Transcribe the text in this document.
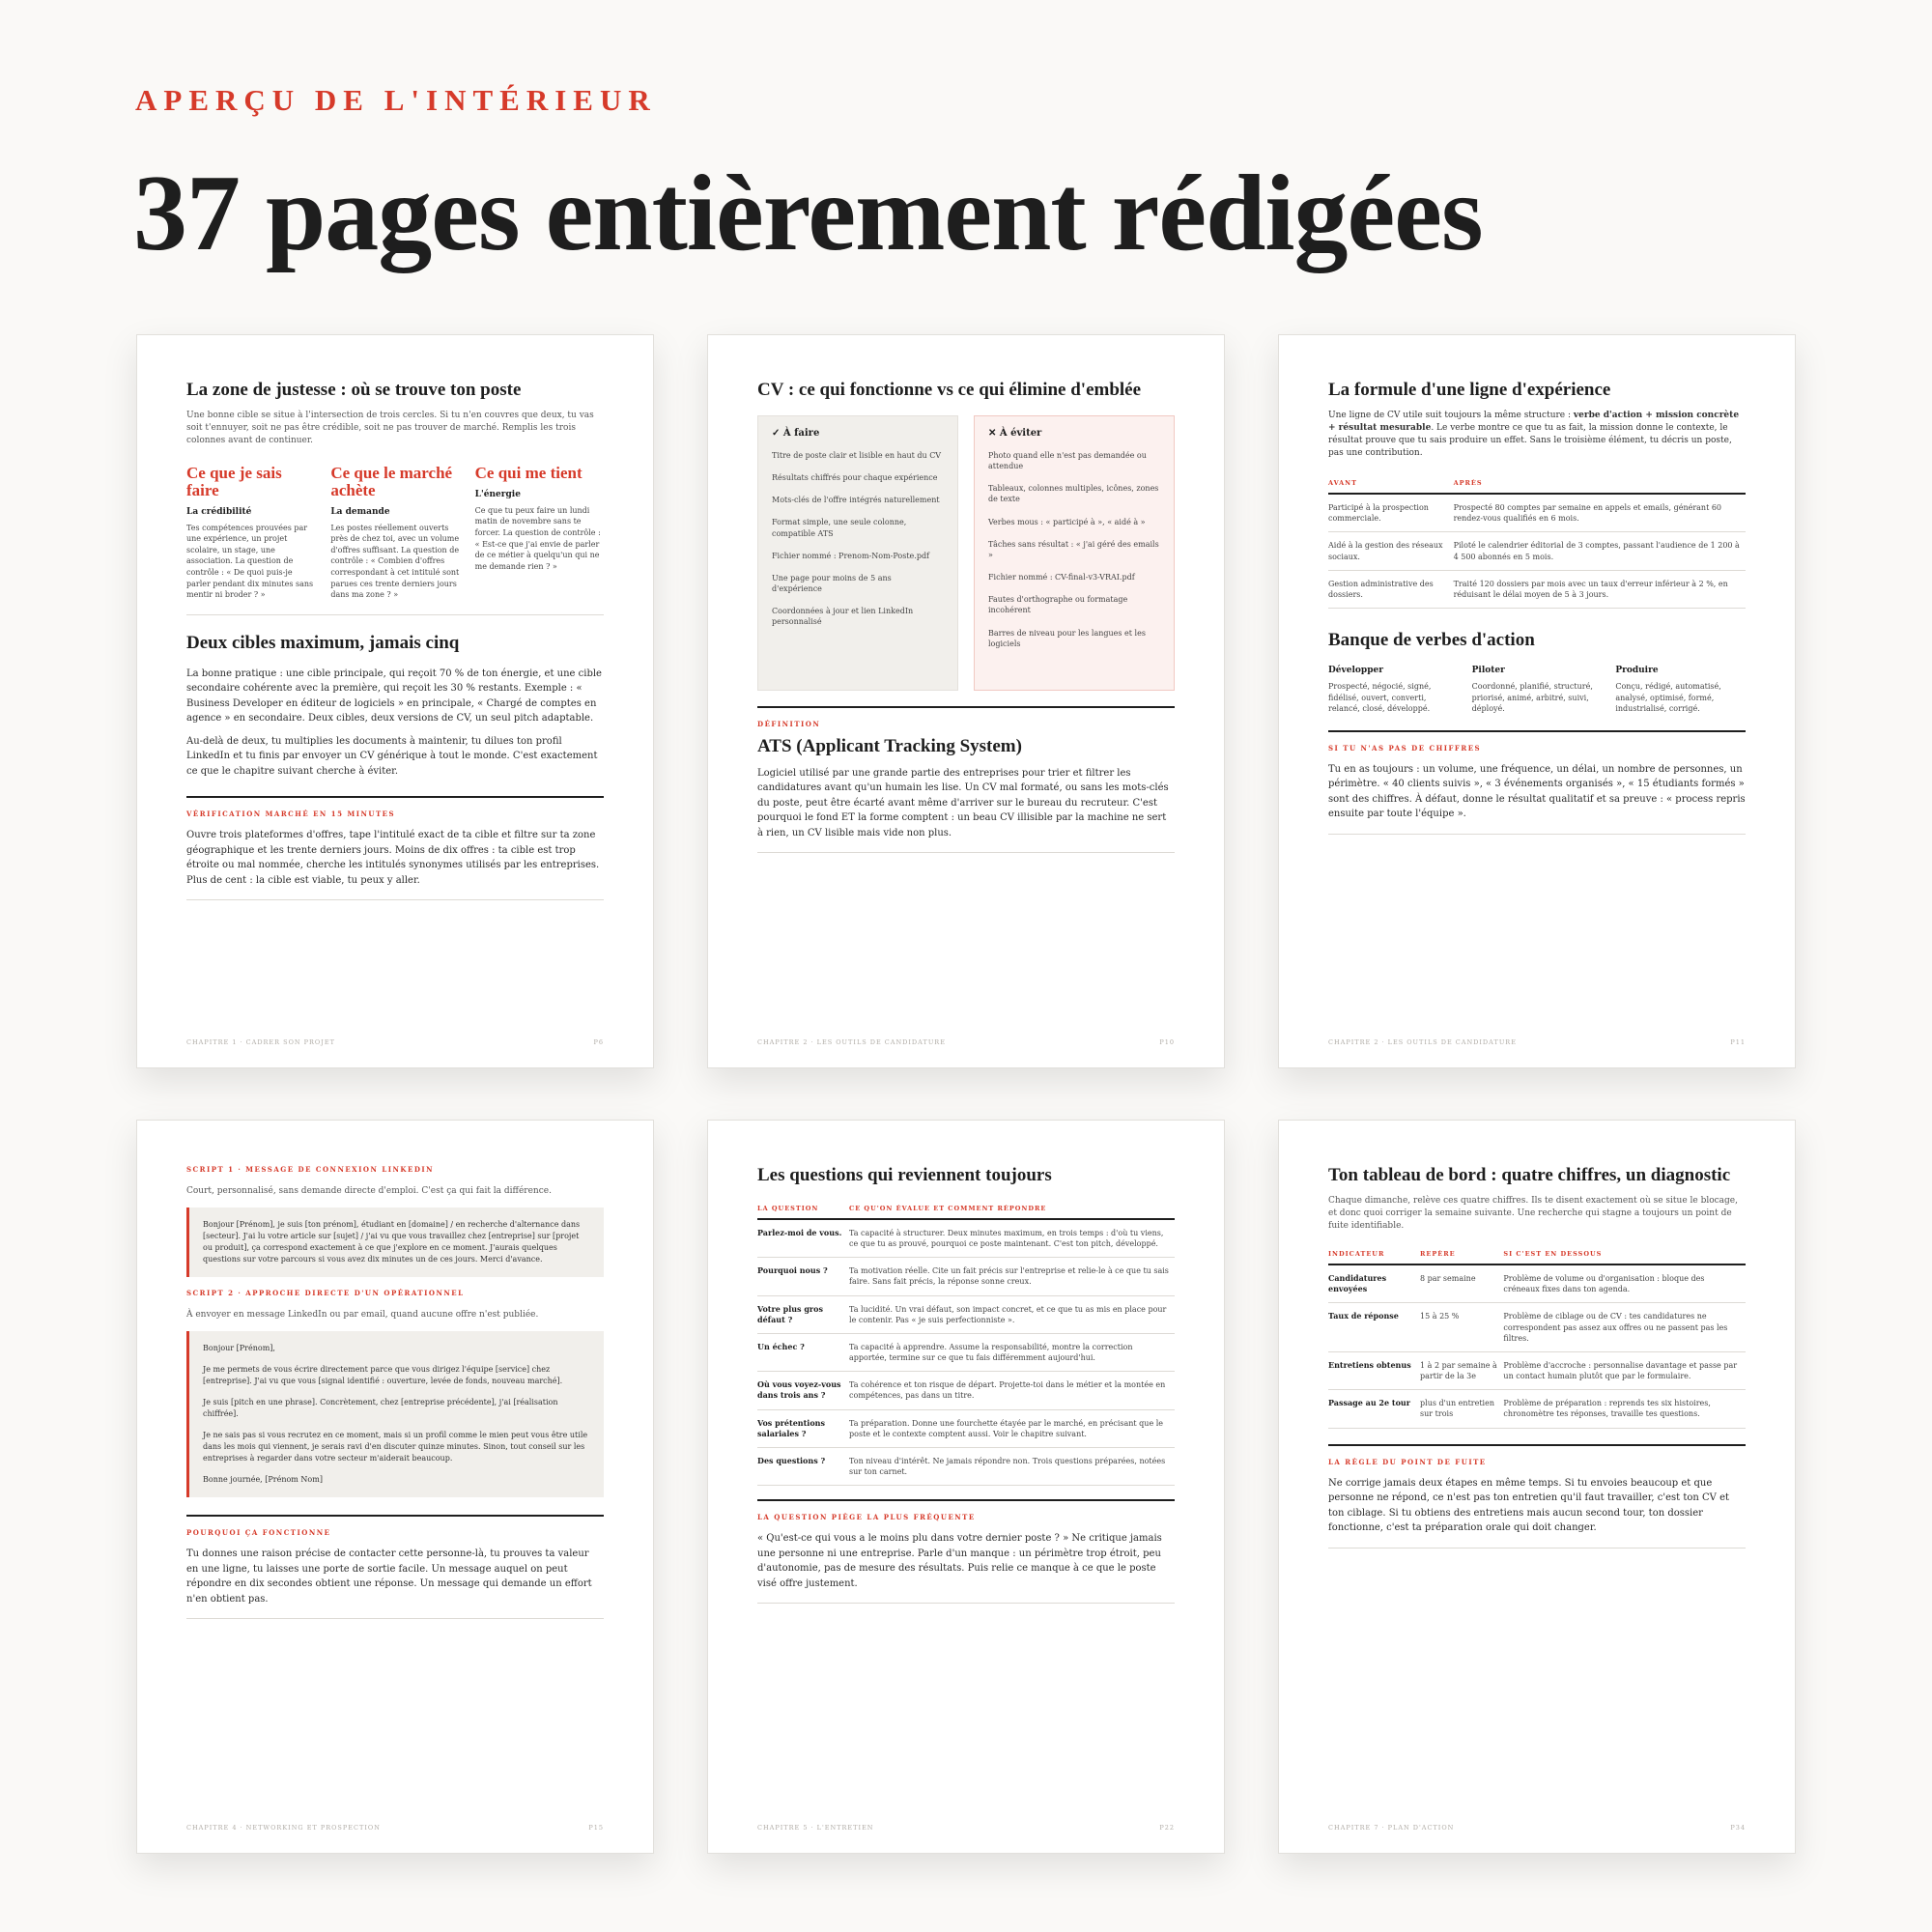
APERÇU DE L'INTÉRIEUR
37 pages entièrement rédigées
La zone de justesse : où se trouve ton poste
Une bonne cible se situe à l'intersection de trois cercles. Si tu n'en couvres que deux, tu vas soit t'ennuyer, soit ne pas être crédible, soit ne pas trouver de marché. Remplis les trois colonnes avant de continuer.
Ce que je sais faire
La crédibilité
Tes compétences prouvées par une expérience, un projet scolaire, un stage, une association. La question de contrôle : « De quoi puis-je parler pendant dix minutes sans mentir ni broder ? »
Ce que le marché achète
La demande
Les postes réellement ouverts près de chez toi, avec un volume d'offres suffisant. La question de contrôle : « Combien d'offres correspondant à cet intitulé sont parues ces trente derniers jours dans ma zone ? »
Ce qui me tient
L'énergie
Ce que tu peux faire un lundi matin de novembre sans te forcer. La question de contrôle : « Est-ce que j'ai envie de parler de ce métier à quelqu'un qui ne me demande rien ? »
Deux cibles maximum, jamais cinq
La bonne pratique : une cible principale, qui reçoit 70 % de ton énergie, et une cible secondaire cohérente avec la première, qui reçoit les 30 % restants. Exemple : « Business Developer en éditeur de logiciels » en principale, « Chargé de comptes en agence » en secondaire. Deux cibles, deux versions de CV, un seul pitch adaptable.
Au-delà de deux, tu multiplies les documents à maintenir, tu dilues ton profil LinkedIn et tu finis par envoyer un CV générique à tout le monde. C'est exactement ce que le chapitre suivant cherche à éviter.
VÉRIFICATION MARCHÉ EN 15 MINUTES
Ouvre trois plateformes d'offres, tape l'intitulé exact de ta cible et filtre sur ta zone géographique et les trente derniers jours. Moins de dix offres : ta cible est trop étroite ou mal nommée, cherche les intitulés synonymes utilisés par les entreprises. Plus de cent : la cible est viable, tu peux y aller.
CHAPITRE 1 · CADRER SON PROJET	P6
CV : ce qui fonctionne vs ce qui élimine d'emblée
✓ À faire
Titre de poste clair et lisible en haut du CV
Résultats chiffrés pour chaque expérience
Mots-clés de l'offre intégrés naturellement
Format simple, une seule colonne, compatible ATS
Fichier nommé : Prenom-Nom-Poste.pdf
Une page pour moins de 5 ans d'expérience
Coordonnées à jour et lien LinkedIn personnalisé
✕ À éviter
Photo quand elle n'est pas demandée ou attendue
Tableaux, colonnes multiples, icônes, zones de texte
Verbes mous : « participé à », « aidé à »
Tâches sans résultat : « j'ai géré des emails »
Fichier nommé : CV-final-v3-VRAI.pdf
Fautes d'orthographe ou formatage incohérent
Barres de niveau pour les langues et les logiciels
DÉFINITION
ATS (Applicant Tracking System)
Logiciel utilisé par une grande partie des entreprises pour trier et filtrer les candidatures avant qu'un humain les lise. Un CV mal formaté, ou sans les mots-clés du poste, peut être écarté avant même d'arriver sur le bureau du recruteur. C'est pourquoi le fond ET la forme comptent : un beau CV illisible par la machine ne sert à rien, un CV lisible mais vide non plus.
CHAPITRE 2 · LES OUTILS DE CANDIDATURE	P10
La formule d'une ligne d'expérience
Une ligne de CV utile suit toujours la même structure : verbe d'action + mission concrète + résultat mesurable. Le verbe montre ce que tu as fait, la mission donne le contexte, le résultat prouve que tu sais produire un effet. Sans le troisième élément, tu décris un poste, pas une contribution.
AVANT	APRÈS
Participé à la prospection commerciale.	Prospecté 80 comptes par semaine en appels et emails, générant 60 rendez-vous qualifiés en 6 mois.
Aidé à la gestion des réseaux sociaux.	Piloté le calendrier éditorial de 3 comptes, passant l'audience de 1 200 à 4 500 abonnés en 5 mois.
Gestion administrative des dossiers.	Traité 120 dossiers par mois avec un taux d'erreur inférieur à 2 %, en réduisant le délai moyen de 5 à 3 jours.
Banque de verbes d'action
Développer
Prospecté, négocié, signé, fidélisé, ouvert, converti, relancé, closé, développé.
Piloter
Coordonné, planifié, structuré, priorisé, animé, arbitré, suivi, déployé.
Produire
Conçu, rédigé, automatisé, analysé, optimisé, formé, industrialisé, corrigé.
SI TU N'AS PAS DE CHIFFRES
Tu en as toujours : un volume, une fréquence, un délai, un nombre de personnes, un périmètre. « 40 clients suivis », « 3 événements organisés », « 15 étudiants formés » sont des chiffres. À défaut, donne le résultat qualitatif et sa preuve : « process repris ensuite par toute l'équipe ».
CHAPITRE 2 · LES OUTILS DE CANDIDATURE	P11
SCRIPT 1 · MESSAGE DE CONNEXION LINKEDIN
Court, personnalisé, sans demande directe d'emploi. C'est ça qui fait la différence.
Bonjour [Prénom], je suis [ton prénom], étudiant en [domaine] / en recherche d'alternance dans [secteur]. J'ai lu votre article sur [sujet] / j'ai vu que vous travaillez chez [entreprise] sur [projet ou produit], ça correspond exactement à ce que j'explore en ce moment. J'aurais quelques questions sur votre parcours si vous avez dix minutes un de ces jours. Merci d'avance.
SCRIPT 2 · APPROCHE DIRECTE D'UN OPÉRATIONNEL
À envoyer en message LinkedIn ou par email, quand aucune offre n'est publiée.

Bonjour [Prénom],

Je me permets de vous écrire directement parce que vous dirigez l'équipe [service] chez [entreprise]. J'ai vu que vous [signal identifié : ouverture, levée de fonds, nouveau marché].

Je suis [pitch en une phrase]. Concrètement, chez [entreprise précédente], j'ai [réalisation chiffrée].

Je ne sais pas si vous recrutez en ce moment, mais si un profil comme le mien peut vous être utile dans les mois qui viennent, je serais ravi d'en discuter quinze minutes. Sinon, tout conseil sur les entreprises à regarder dans votre secteur m'aiderait beaucoup.

Bonne journée, [Prénom Nom]

POURQUOI ÇA FONCTIONNE
Tu donnes une raison précise de contacter cette personne-là, tu prouves ta valeur en une ligne, tu laisses une porte de sortie facile. Un message auquel on peut répondre en dix secondes obtient une réponse. Un message qui demande un effort n'en obtient pas.
CHAPITRE 4 · NETWORKING ET PROSPECTION	P15
Les questions qui reviennent toujours
LA QUESTION	CE QU'ON ÉVALUE ET COMMENT RÉPONDRE
Parlez-moi de vous.	Ta capacité à structurer. Deux minutes maximum, en trois temps : d'où tu viens, ce que tu as prouvé, pourquoi ce poste maintenant. C'est ton pitch, développé.
Pourquoi nous ?	Ta motivation réelle. Cite un fait précis sur l'entreprise et relie-le à ce que tu sais faire. Sans fait précis, la réponse sonne creux.
Votre plus gros défaut ?	Ta lucidité. Un vrai défaut, son impact concret, et ce que tu as mis en place pour le contenir. Pas « je suis perfectionniste ».
Un échec ?	Ta capacité à apprendre. Assume la responsabilité, montre la correction apportée, termine sur ce que tu fais différemment aujourd'hui.
Où vous voyez-vous dans trois ans ?	Ta cohérence et ton risque de départ. Projette-toi dans le métier et la montée en compétences, pas dans un titre.
Vos prétentions salariales ?	Ta préparation. Donne une fourchette étayée par le marché, en précisant que le poste et le contexte comptent aussi. Voir le chapitre suivant.
Des questions ?	Ton niveau d'intérêt. Ne jamais répondre non. Trois questions préparées, notées sur ton carnet.
LA QUESTION PIÈGE LA PLUS FRÉQUENTE
« Qu'est-ce qui vous a le moins plu dans votre dernier poste ? » Ne critique jamais une personne ni une entreprise. Parle d'un manque : un périmètre trop étroit, peu d'autonomie, pas de mesure des résultats. Puis relie ce manque à ce que le poste visé offre justement.
CHAPITRE 5 · L'ENTRETIEN	P22
Ton tableau de bord : quatre chiffres, un diagnostic
Chaque dimanche, relève ces quatre chiffres. Ils te disent exactement où se situe le blocage, et donc quoi corriger la semaine suivante. Une recherche qui stagne a toujours un point de fuite identifiable.
INDICATEUR	REPÈRE	SI C'EST EN DESSOUS
Candidatures envoyées	8 par semaine	Problème de volume ou d'organisation : bloque des créneaux fixes dans ton agenda.
Taux de réponse	15 à 25 %	Problème de ciblage ou de CV : tes candidatures ne correspondent pas assez aux offres ou ne passent pas les filtres.
Entretiens obtenus	1 à 2 par semaine à partir de la 3e	Problème d'accroche : personnalise davantage et passe par un contact humain plutôt que par le formulaire.
Passage au 2e tour	plus d'un entretien sur trois	Problème de préparation : reprends tes six histoires, chronomètre tes réponses, travaille tes questions.
LA RÈGLE DU POINT DE FUITE
Ne corrige jamais deux étapes en même temps. Si tu envoies beaucoup et que personne ne répond, ce n'est pas ton entretien qu'il faut travailler, c'est ton CV et ton ciblage. Si tu obtiens des entretiens mais aucun second tour, ton dossier fonctionne, c'est ta préparation orale qui doit changer.
CHAPITRE 7 · PLAN D'ACTION	P34
